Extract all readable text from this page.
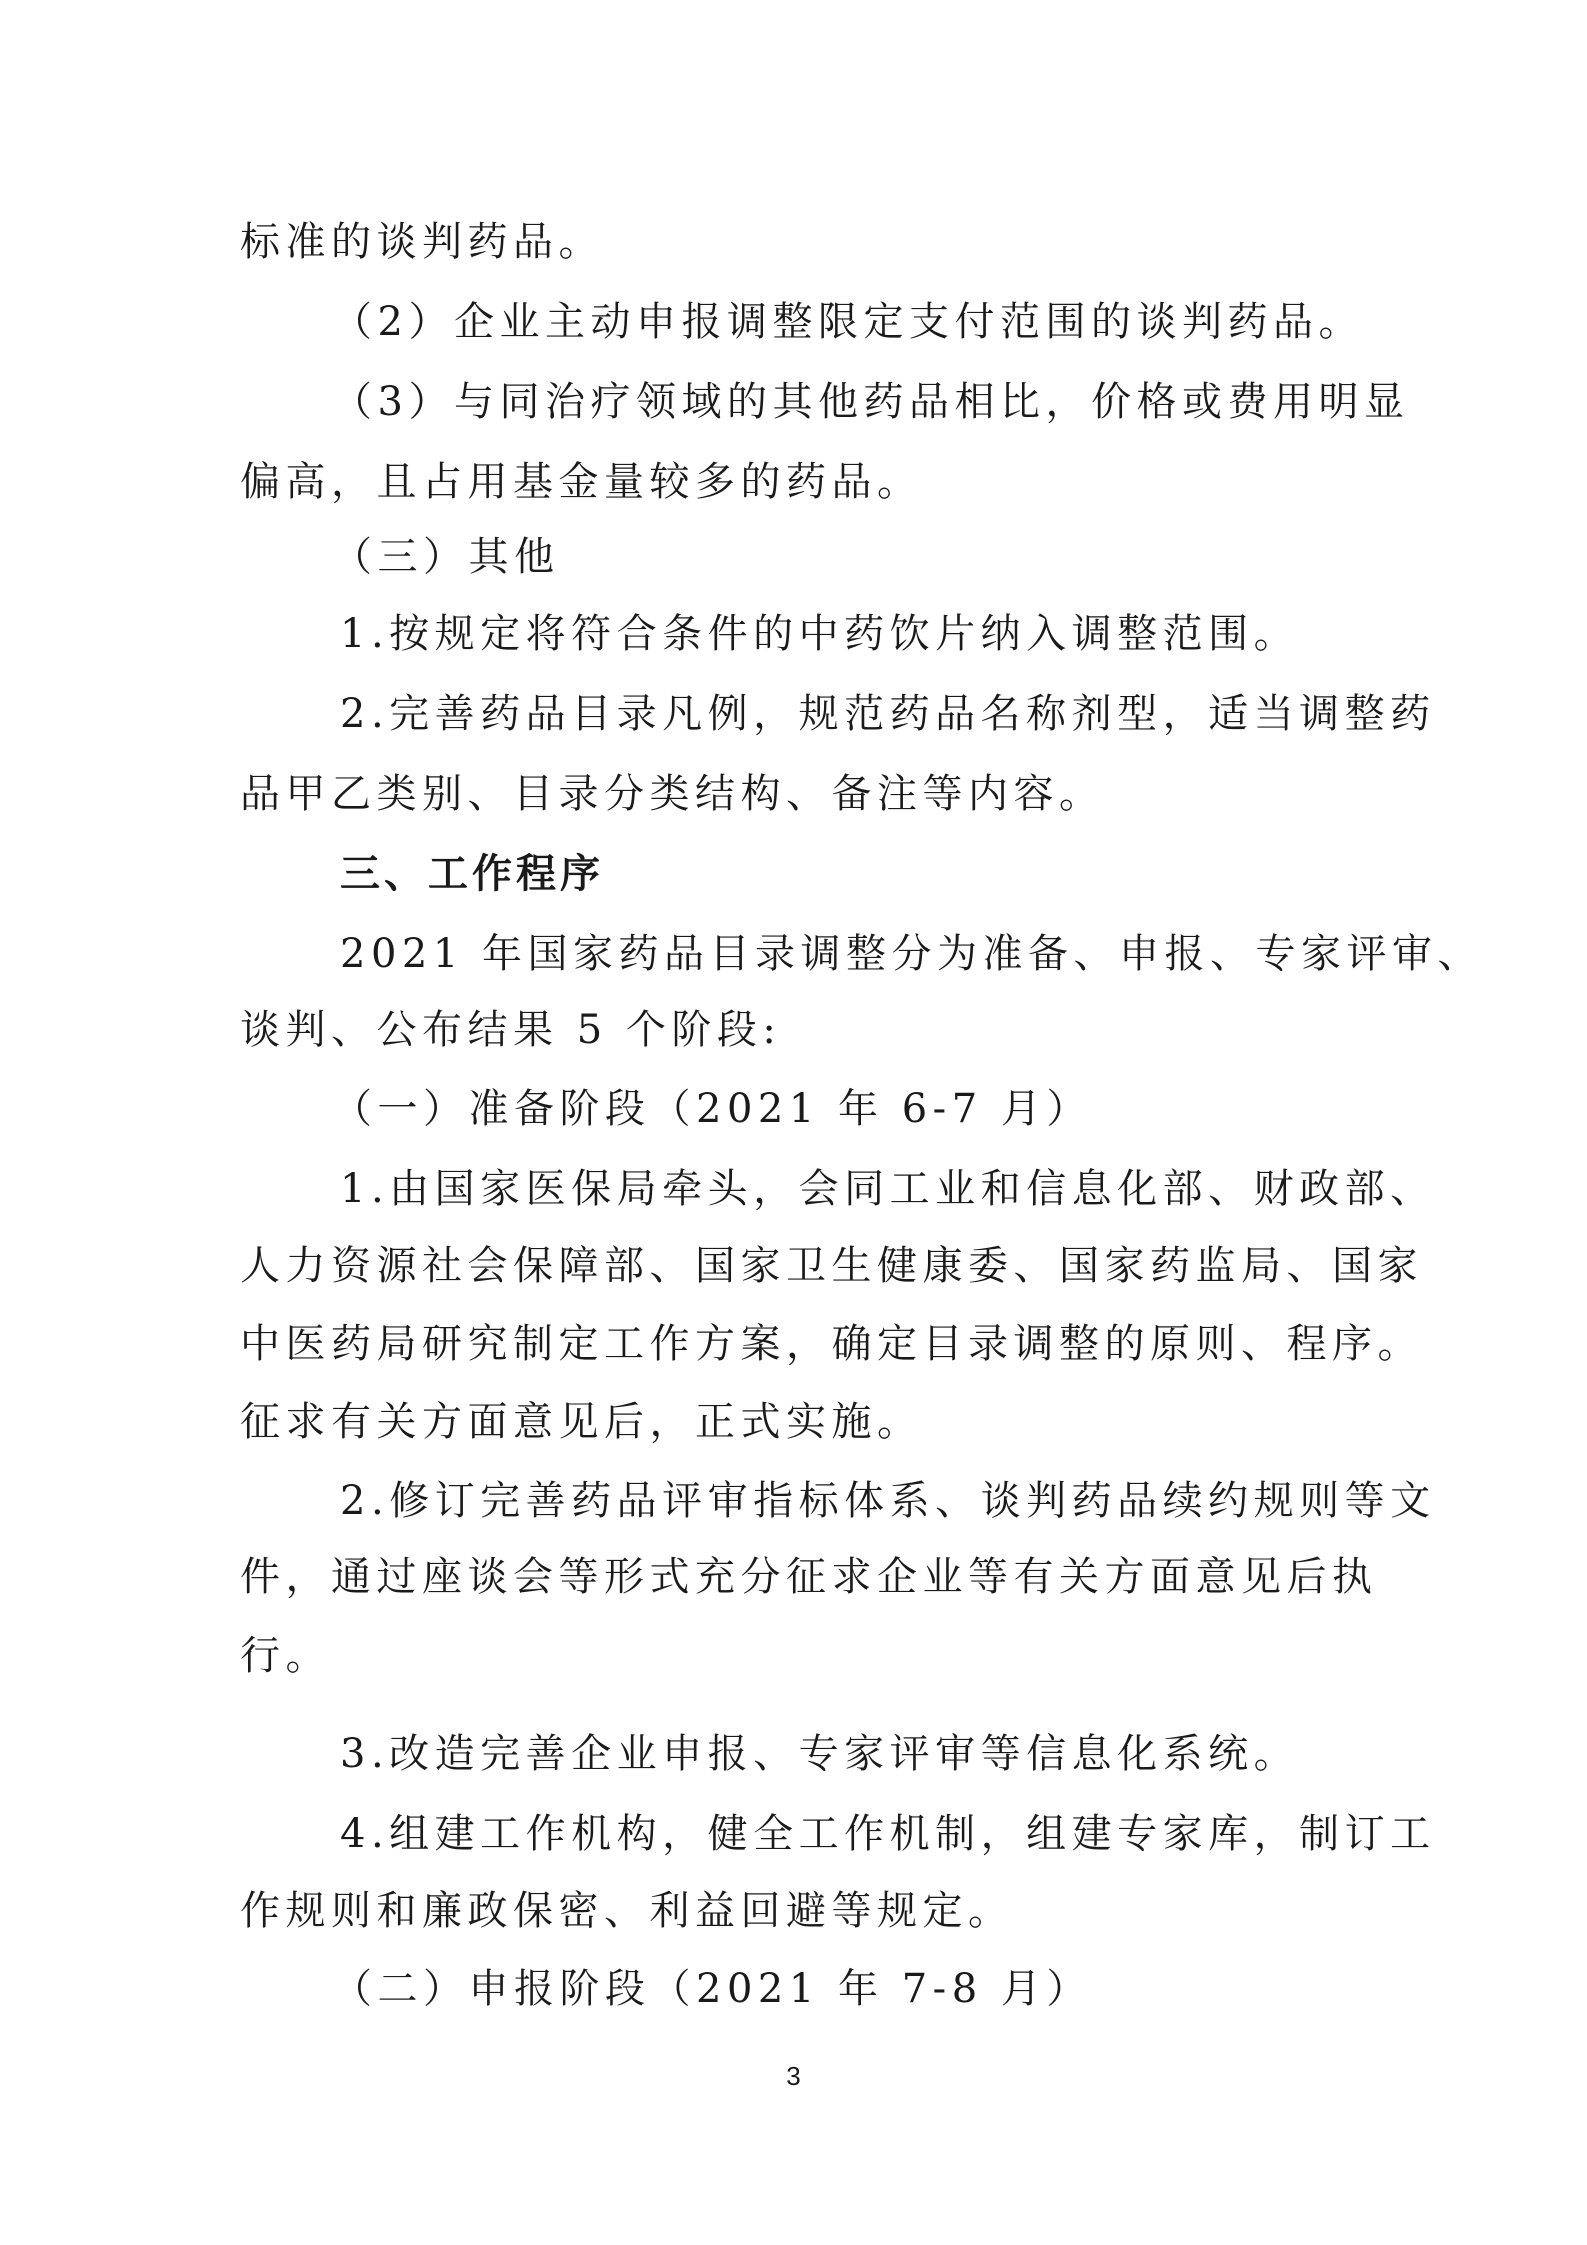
标准的谈判药品。
（2）企业主动申报调整限定支付范围的谈判药品。
（3）与同治疗领域的其他药品相比，价格或费用明显
偏高，且占用基金量较多的药品。
（三）其他
1.按规定将符合条件的中药饮片纳入调整范围。
2.完善药品目录凡例，规范药品名称剂型，适当调整药
品甲乙类别、目录分类结构、备注等内容。
三、工作程序
2021 年国家药品目录调整分为准备、申报、专家评审、
谈判、公布结果 5 个阶段:
（一）准备阶段（2021 年 6-7 月）
1.由国家医保局牵头，会同工业和信息化部、财政部、
人力资源社会保障部、国家卫生健康委、国家药监局、国家
中医药局研究制定工作方案，确定目录调整的原则、程序。
征求有关方面意见后，正式实施。
2.修订完善药品评审指标体系、谈判药品续约规则等文
件，通过座谈会等形式充分征求企业等有关方面意见后执
行。
3.改造完善企业申报、专家评审等信息化系统。
4.组建工作机构，健全工作机制，组建专家库，制订工
作规则和廉政保密、利益回避等规定。
（二）申报阶段（2021 年 7-8 月）
3
